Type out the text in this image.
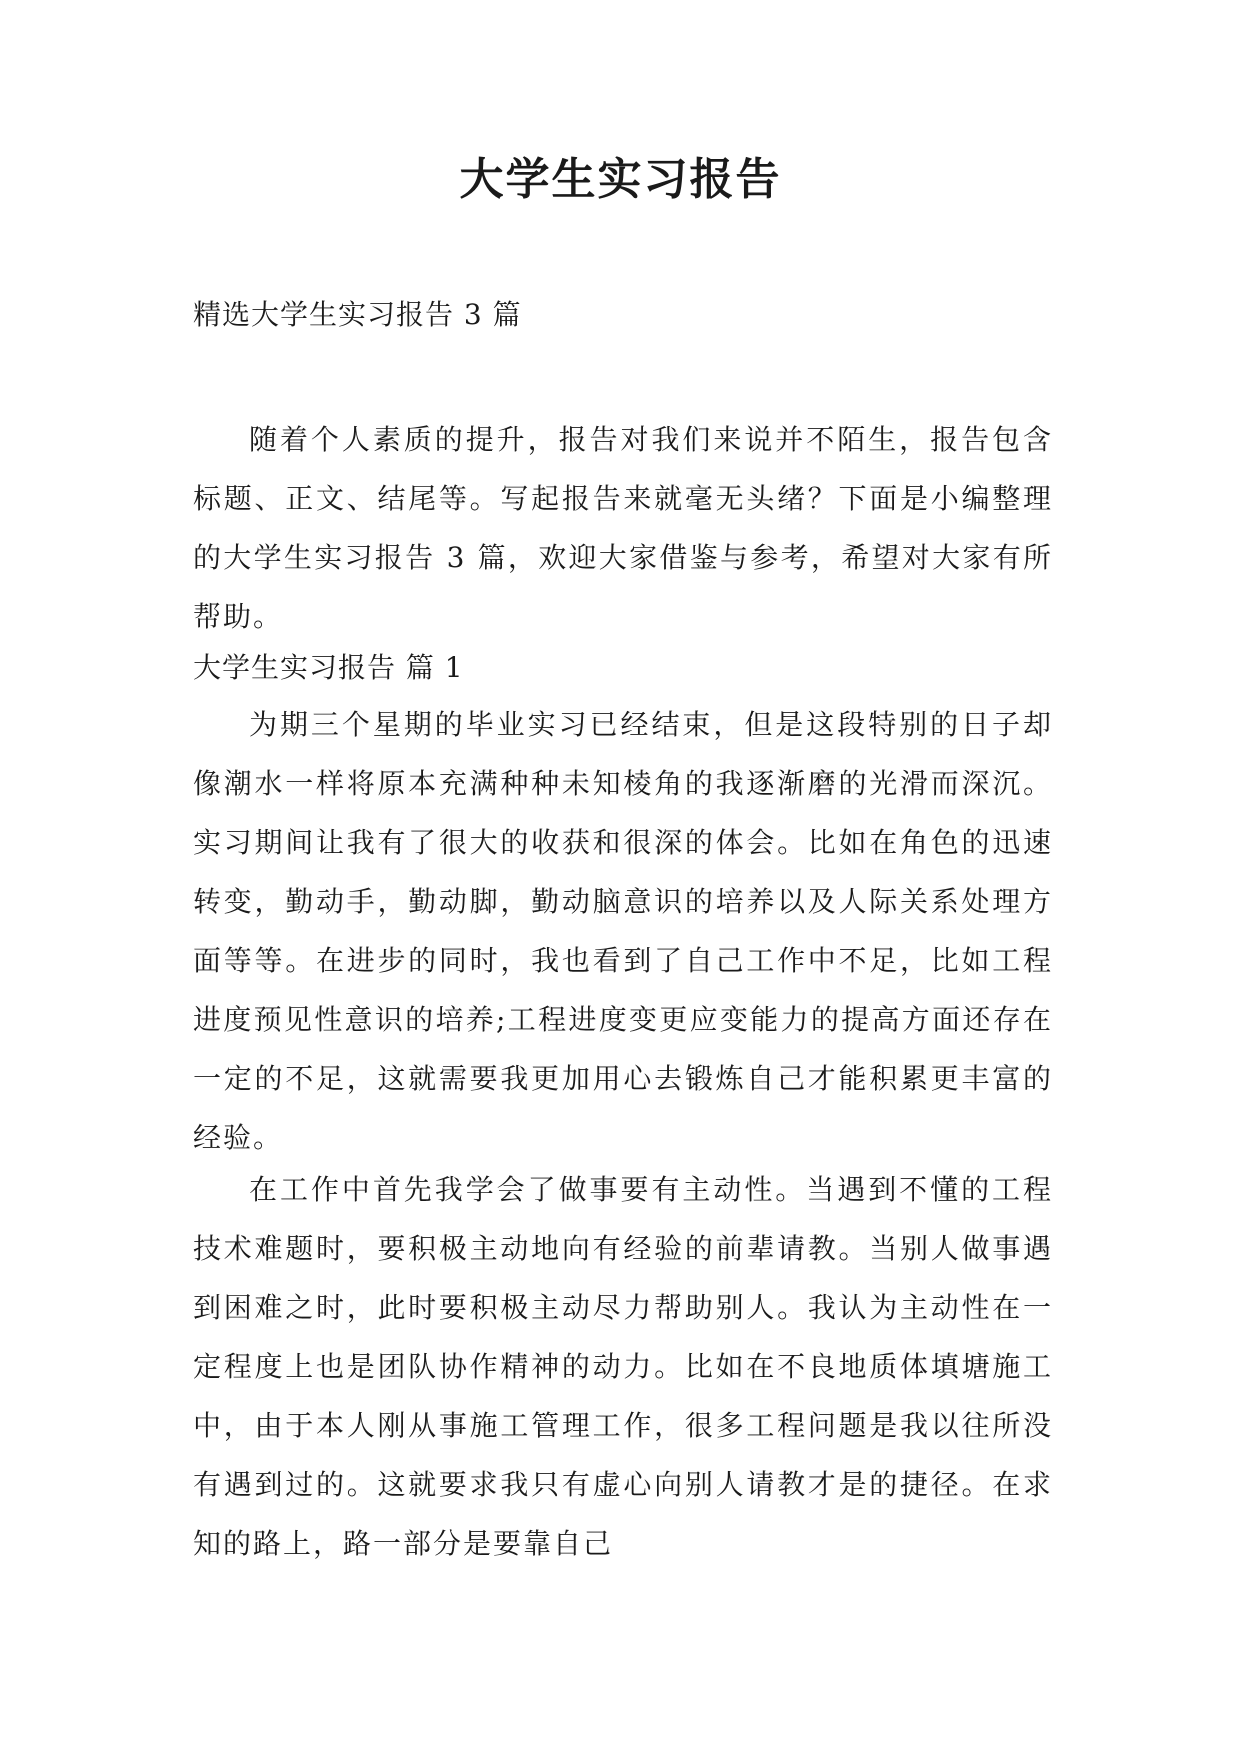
大学生实习报告
精选大学生实习报告 3 篇

随着个人素质的提升，报告对我们来说并不陌生，报告包含标题、正文、结尾等。写起报告来就毫无头绪？下面是小编整理的大学生实习报告 3 篇，欢迎大家借鉴与参考，希望对大家有所帮助。

大学生实习报告 篇 1

为期三个星期的毕业实习已经结束，但是这段特别的日子却像潮水一样将原本充满种种未知棱角的我逐渐磨的光滑而深沉。实习期间让我有了很大的收获和很深的体会。比如在角色的迅速转变，勤动手，勤动脚，勤动脑意识的培养以及人际关系处理方面等等。在进步的同时，我也看到了自己工作中不足，比如工程进度预见性意识的培养;工程进度变更应变能力的提高方面还存在一定的不足，这就需要我更加用心去锻炼自己才能积累更丰富的经验。

在工作中首先我学会了做事要有主动性。当遇到不懂的工程技术难题时，要积极主动地向有经验的前辈请教。当别人做事遇到困难之时，此时要积极主动尽力帮助别人。我认为主动性在一定程度上也是团队协作精神的动力。比如在不良地质体填塘施工中，由于本人刚从事施工管理工作，很多工程问题是我以往所没有遇到过的。这就要求我只有虚心向别人请教才是的捷径。在求知的路上，路一部分是要靠自己
